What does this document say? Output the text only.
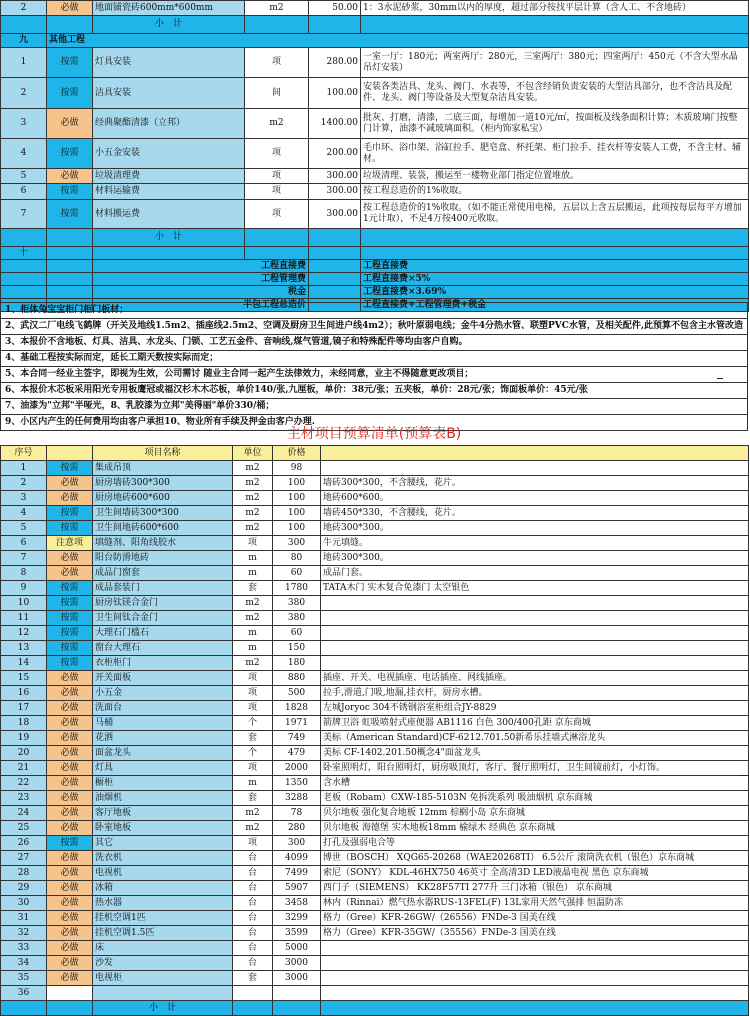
2	必做	地面铺瓷砖600mm*600mm	m2	50.00	1：3水泥砂浆，30mm以内的厚度，超过部分按找平层计算（含人工、不含地砖）
		小　计			
九	其他工程				
1	按需	灯具安装	项	280.00	一室一厅：180元；两室两厅：280元，三室两厅：380元；四室两厅：450元（不含大型水晶吊灯安装）
2	按需	洁具安装	间	100.00	安装各类洁具、龙头、阀门、水表等，不包含经销负责安装的大型洁具部分，也不含洁具及配件、龙头、阀门等设备及大型复杂洁具安装。
3	必做	经典聚酯清漆（立邦）	m2	1400.00	批灰、打磨，清漆，二底三面，每增加一道10元/㎡，按面板及线条面积计算；木质玻璃门按整门计算，油漆不减玻璃面积。（柜内饰家私宝）
4	按需	小五金安装	项	200.00	毛巾环、浴巾架、浴缸拉手、肥皂盒、杯托架、柜门拉手、挂衣杆等安装人工费，不含主材、辅材。
5	必做	垃圾清理费	项	300.00	垃圾清理、装袋，搬运至一楼物业部门指定位置堆放。
6	按需	材料运输费	项	300.00	按工程总造价的1%收取。
7	按需	材料搬运费	项	300.00	按工程总造价的1%收取。（如不能正常使用电梯，五层以上含五层搬运，此项按每层每平方增加1元计取），不足4万按400元收取。
		小　计			
十					
		工程直接费			工程直接费
		工程管理费			工程直接费×5%
		税金			工程直接费×3.69%
		半包工程总造价			工程直接费+工程管理费+税金
1、柜体兔宝宝柜门柜门板材；
2、武汉二厂电线飞鹤牌（开关及地线1.5m2、插座线2.5m2、空调及厨房卫生间进户线4m2）；秋叶原弱电线；金牛4分热水管、联塑PVC水管，及相关配件,此预算不包含主水管改造
3、本报价不含地板、灯具、洁具、水龙头、门锁、工艺五金件、音响线,煤气管道,镜子和特殊配件等均由客户自购。
4、基础工程按实际而定，延长工期天数按实际而定；
5、本合同一经业主签字，即视为生效，公司需讨 随业主合同一起产生法律效力，未经同意，业主不得随意更改项目；
6、本报价木芯板采用阳光专用板鹰冠或福汉杉木木芯板，单价140/张,九厘板，单价：38元/张；五夹板，单价：28元/张；饰面板单价：45元/张
7、油漆为"立邦"半哑光，8、乳胶漆为立邦"美得丽"单价330/桶；
9、小区内产生的任何费用均由客户承担10、物业所有手续及押金由客户办理.
主材项目预算清单(预算表B)
序号		项目名称	单位	价格	
1	按需	集成吊顶	m2	98	
2	必做	厨房墙砖300*300	m2	100	墙砖300*300，不含腰线，花片。
3	必做	厨房地砖600*600	m2	100	地砖600*600。
4	按需	卫生间墙砖300*300	m2	100	墙砖450*330，不含腰线，花片。
5	按需	卫生间地砖600*600	m2	100	地砖300*300。
6	注意项	填缝剂、阳角线胶水	项	300	牛元填缝。
7	必做	阳台防滑地砖	m	80	地砖300*300。
8	必做	成品门窗套	m	60	成品门套。
9	按需	成品套装门	套	1780	TATA木门 实木复合免漆门 太空银色
10	按需	厨房钛镁合金门	m2	380	
11	按需	卫生间钛合金门	m2	380	
12	按需	大理石门槛石	m	60	
13	按需	窗台大理石	m	150	
14	按需	衣柜柜门	m2	180	
15	必做	开关面板	项	880	插座、开关、电视插座、电话插座、网线插座。
16	必做	小五金	项	500	拉手,滑道,门吸,地漏,挂衣杆，厨房水槽。
17	必做	洗面台	项	1828	左城Joryoc 304不锈钢浴室柜组合JY-8829
18	必做	马桶	个	1971	箭牌卫浴 虹吸喷射式座便器 AB1116 白色 300/400孔距 京东商城
19	必做	花洒	套	749	美标（American Standard)CF-6212.701.50新希乐挂墙式淋浴龙头
20	必做	面盆龙头	个	479	美标 CF-1402.201.50概念4"面盆龙头
21	必做	灯具	项	2000	卧室照明灯，阳台照明灯，厨房吸顶灯，客厅、餐厅照明灯，卫生间镜前灯，小灯饰。
22	必做	橱柜	m	1350	含水槽
23	必做	油烟机	套	3288	老板（Robam）CXW-185-5103N 免拆洗系列 吸油烟机 京东商城
24	必做	客厅地板	m2	78	贝尔地板 强化复合地板 12mm 棕榈小岛 京东商城
25	必做	卧室地板	m2	280	贝尔地板 海德堡 实木地板18mm 榆绿木 经典色 京东商城
26	按需	其它	项	300	打孔及强弱电合等
27	必做	洗衣机	台	4099	博世（BOSCH） XQG65-20268（WAE20268TI） 6.5公斤 滚筒洗衣机（银色）京东商城
28	必做	电视机	台	7499	索尼（SONY） KDL-46HX750 46英寸 全高清3D LED液晶电视 黑色 京东商城
29	必做	冰箱	台	5907	西门子（SIEMENS） KK28F57TI 277升 三门冰箱（银色） 京东商城
30	必做	热水器	台	3458	林内（Rinnai）燃气热水器RUS-13FEL(F) 13L家用天然气强排 恒温防冻
31	必做	挂机空调1匹	台	3299	格力（Gree）KFR-26GW/（26556）FNDe-3 国美在线
32	必做	挂机空调1.5匹	台	3599	格力（Gree）KFR-35GW/（35556）FNDe-3 国美在线
33	必做	床	台	5000	
34	必做	沙发	台	3000	
35	必做	电视柜	套	3000	
36					
		小　计			
